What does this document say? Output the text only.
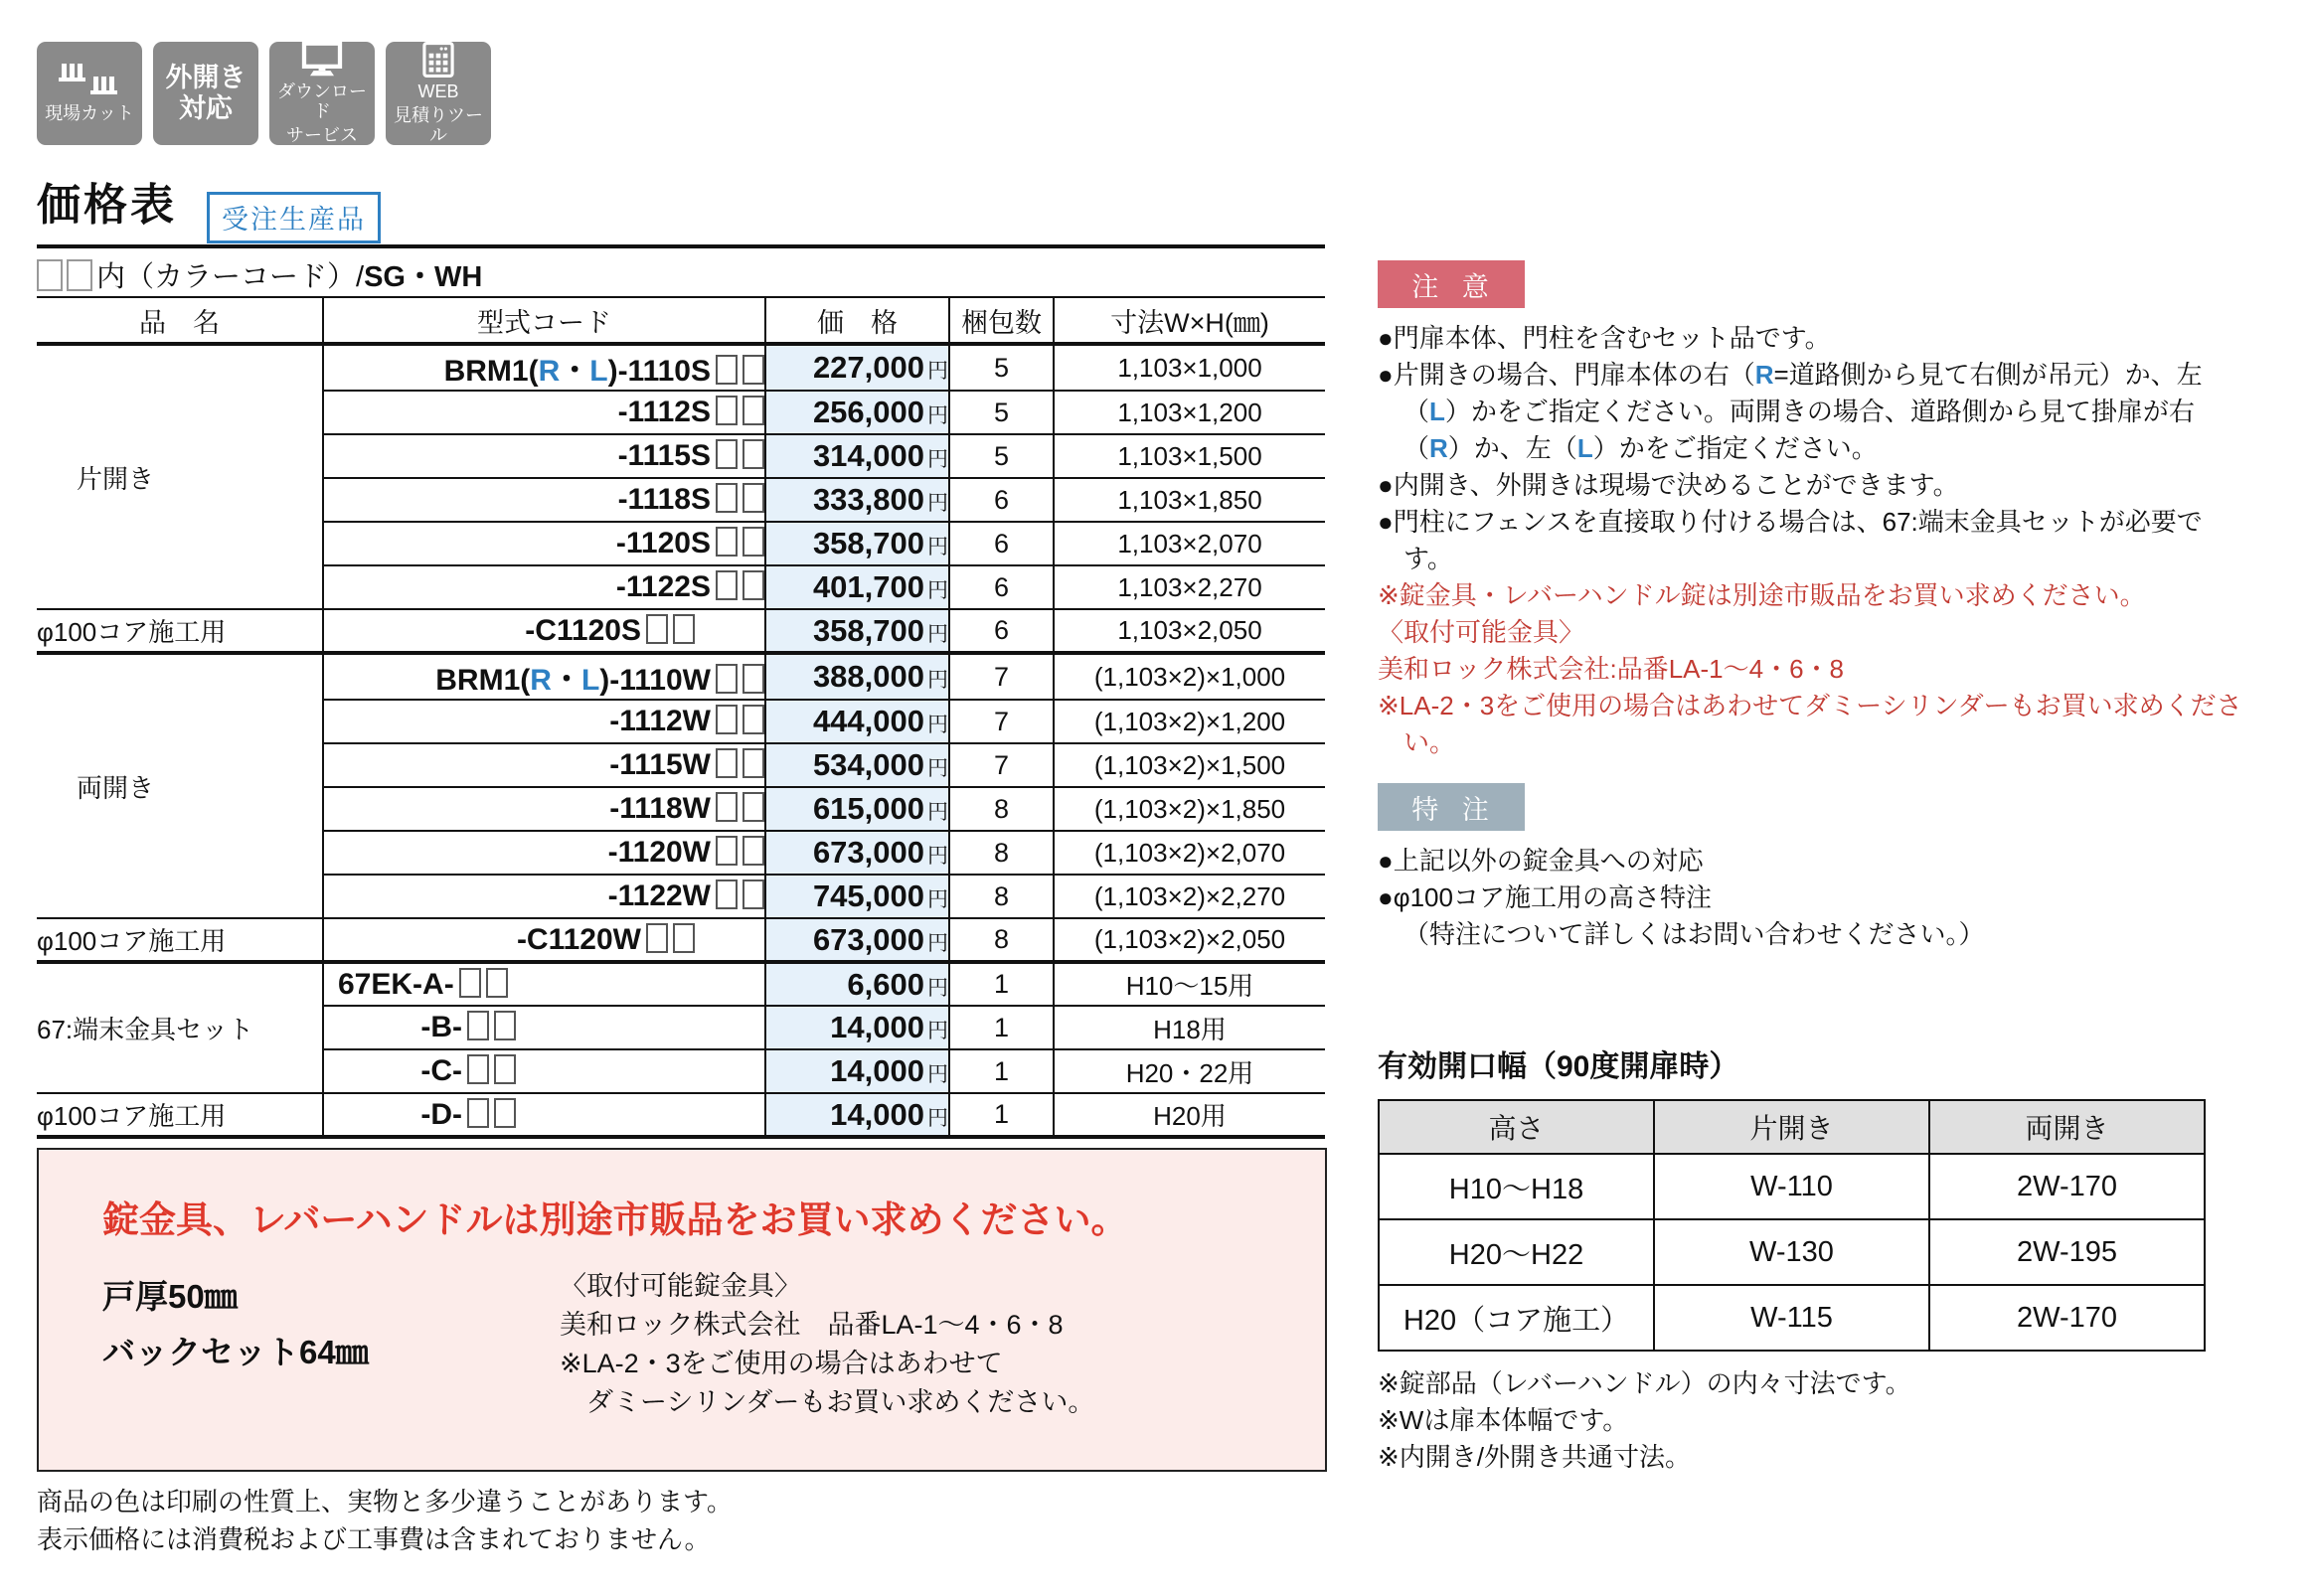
現場カット
外開き
対応
ダウンロード
サービス
WEB
見積りツール
価格表	受注生産品
内（カラーコード）/SG・WH
品　名	型式コード	価　格	梱包数	寸法W×H(㎜)
片開き	BRM1(R・L)-1110S	227,000 円	5	1,103×1,000
	-1112S	256,000 円	5	1,103×1,200
	-1115S	314,000 円	5	1,103×1,500
	-1118S	333,800 円	6	1,103×1,850
	-1120S	358,700 円	6	1,103×2,070
	-1122S	401,700 円	6	1,103×2,270
φ100コア施工用	-C1120S	358,700 円	6	1,103×2,050
両開き	BRM1(R・L)-1110W	388,000 円	7	(1,103×2)×1,000
	-1112W	444,000 円	7	(1,103×2)×1,200
	-1115W	534,000 円	7	(1,103×2)×1,500
	-1118W	615,000 円	8	(1,103×2)×1,850
	-1120W	673,000 円	8	(1,103×2)×2,070
	-1122W	745,000 円	8	(1,103×2)×2,270
φ100コア施工用	-C1120W	673,000 円	8	(1,103×2)×2,050
67:端末金具セット	67EK-A-	6,600 円	1	H10〜15用
	-B-	14,000 円	1	H18用
	-C-	14,000 円	1	H20・22用
φ100コア施工用	-D-	14,000 円	1	H20用
注 意

●門扉本体、門柱を含むセット品です。

●片開きの場合、門扉本体の右（R=道路側から見て右側が吊元）か、左（L）かをご指定ください。両開きの場合、道路側から見て掛扉が右（R）か、左（L）かをご指定ください。

●内開き、外開きは現場で決めることができます。

●門柱にフェンスを直接取り付ける場合は、67:端末金具セットが必要です。

※錠金具・レバーハンドル錠は別途市販品をお買い求めください。

〈取付可能金具〉

美和ロック株式会社:品番LA-1〜4・6・8

※LA-2・3をご使用の場合はあわせてダミーシリンダーもお買い求めください。

特 注

●上記以外の錠金具への対応

●φ100コア施工用の高さ特注

（特注について詳しくはお問い合わせください。）

有効開口幅（90度開扉時）
高さ	片開き	両開き
H10〜H18	W-110	2W-170
H20〜H22	W-130	2W-195
H20（コア施工）	W-115	2W-170

※錠部品（レバーハンドル）の内々寸法です。

※Wは扉本体幅です。

※内開き/外開き共通寸法。

錠金具、レバーハンドルは別途市販品をお買い求めください。

戸厚50㎜

バックセット64㎜

〈取付可能錠金具〉

美和ロック株式会社　品番LA-1〜4・6・8

※LA-2・3をご使用の場合はあわせて

　ダミーシリンダーもお買い求めください。

商品の色は印刷の性質上、実物と多少違うことがあります。

表示価格には消費税および工事費は含まれておりません。
